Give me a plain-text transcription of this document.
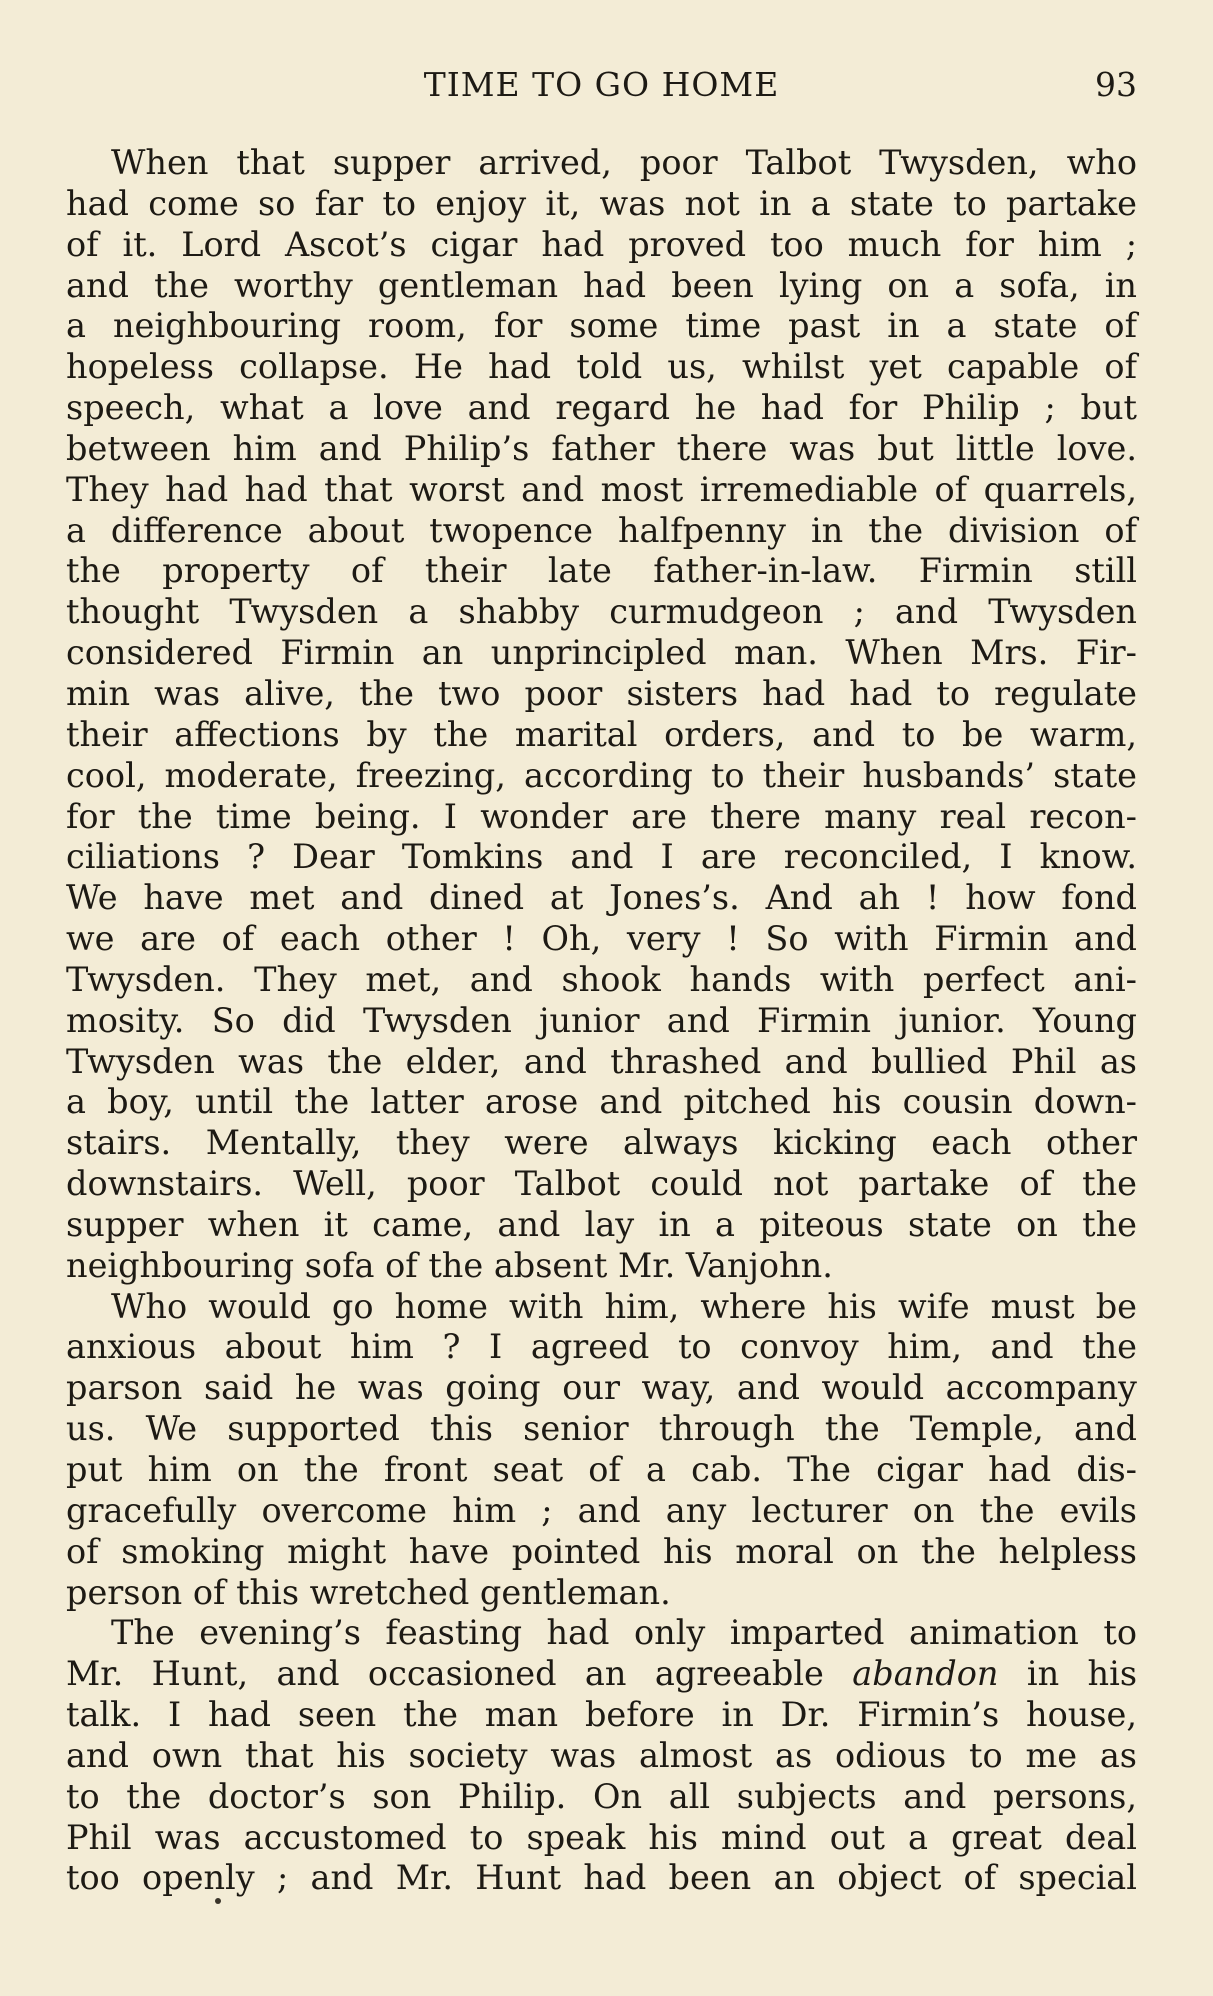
TIME TO GO HOME	93

When that supper arrived, poor Talbot Twysden, who
had come so far to enjoy it, was not in a state to partake
of it. Lord Ascot’s cigar had proved too much for him ;
and the worthy gentleman had been lying on a sofa, in
a neighbouring room, for some time past in a state of
hopeless collapse. He had told us, whilst yet capable of
speech, what a love and regard he had for Philip ; but
between him and Philip’s father there was but little love.
They had had that worst and most irremediable of quarrels,
a difference about twopence halfpenny in the division of
the property of their late father-in-law. Firmin still
thought Twysden a shabby curmudgeon ; and Twysden
considered Firmin an unprincipled man. When Mrs. Fir-
min was alive, the two poor sisters had had to regulate
their affections by the marital orders, and to be warm,
cool, moderate, freezing, according to their husbands’ state
for the time being. I wonder are there many real recon-
ciliations ? Dear Tomkins and I are reconciled, I know.
We have met and dined at Jones’s. And ah ! how fond
we are of each other ! Oh, very ! So with Firmin and
Twysden. They met, and shook hands with perfect ani-
mosity. So did Twysden junior and Firmin junior. Young
Twysden was the elder, and thrashed and bullied Phil as
a boy, until the latter arose and pitched his cousin down-
stairs. Mentally, they were always kicking each other
downstairs. Well, poor Talbot could not partake of the
supper when it came, and lay in a piteous state on the
neighbouring sofa of the absent Mr. Vanjohn.

Who would go home with him, where his wife must be
anxious about him ? I agreed to convoy him, and the
parson said he was going our way, and would accompany
us. We supported this senior through the Temple, and
put him on the front seat of a cab. The cigar had dis-
gracefully overcome him ; and any lecturer on the evils
of smoking might have pointed his moral on the helpless
person of this wretched gentleman.

The evening’s feasting had only imparted animation to
Mr. Hunt, and occasioned an agreeable abandon in his
talk. I had seen the man before in Dr. Firmin’s house,
and own that his society was almost as odious to me as
to the doctor’s son Philip. On all subjects and persons,
Phil was accustomed to speak his mind out a great deal
too openly ; and Mr. Hunt had been an object of special
